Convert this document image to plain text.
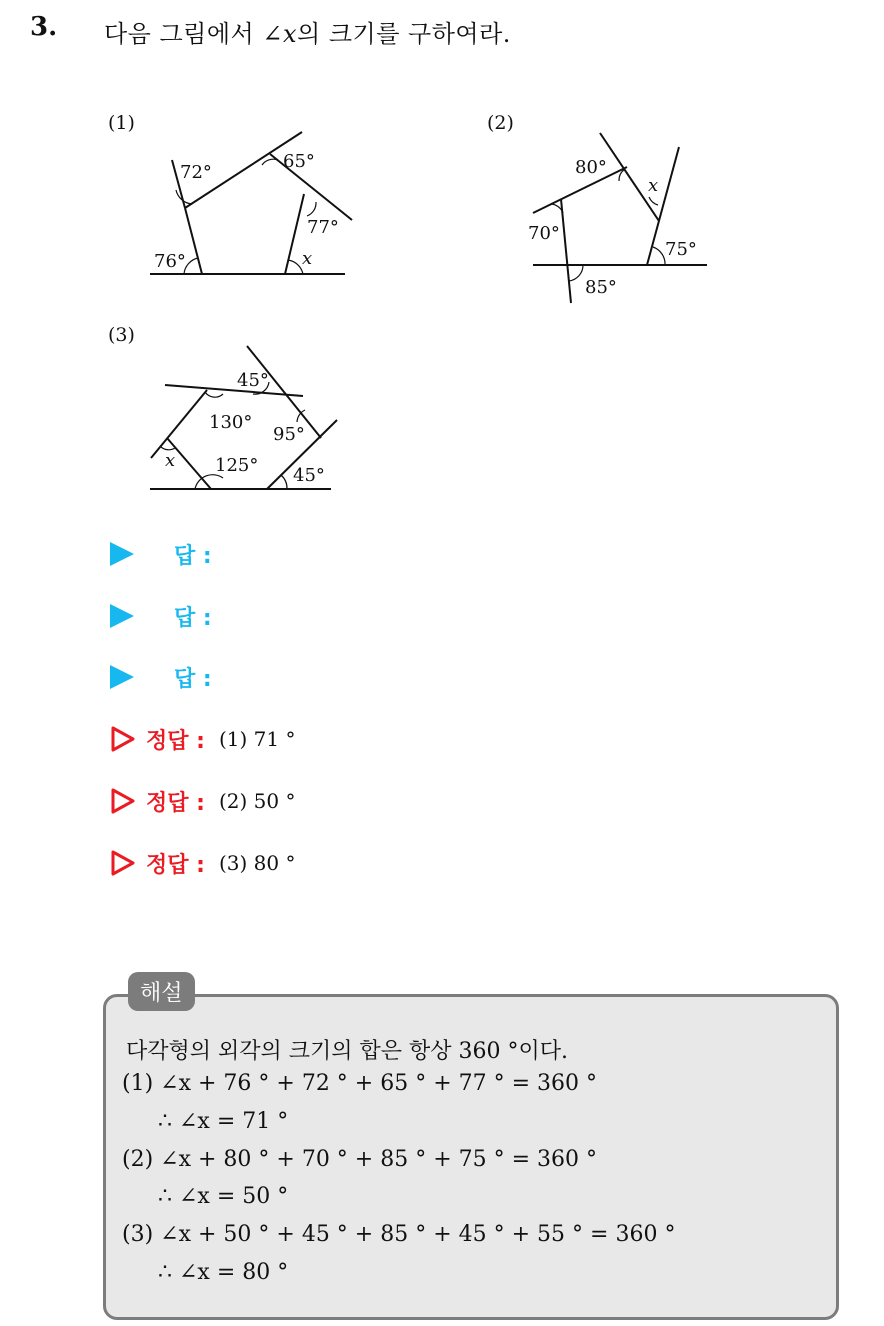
3. 다음 그림에서 ∠x의 크기를 구하여라.
(1)
72°
65°
77°
76°	x
(2)
80°
x
70°
75°
85°
(3)
45°
130°
95°
x 125° 45°
답 :
답 :
답 :
정답 : (1) 71 °
정답 : (2) 50 °
정답 : (3) 80 °
해설
다각형의 외각의 크기의 합은 항상 360 °이다.
(1) ∠x + 76 ° + 72 ° + 65 ° + 77 ° = 360 °
∴ ∠x = 71 °
(2) ∠x + 80 ° + 70 ° + 85 ° + 75 ° = 360 °
∴ ∠x = 50 °
(3) ∠x + 50 ° + 45 ° + 85 ° + 45 ° + 55 ° = 360 °
∴ ∠x = 80 °
